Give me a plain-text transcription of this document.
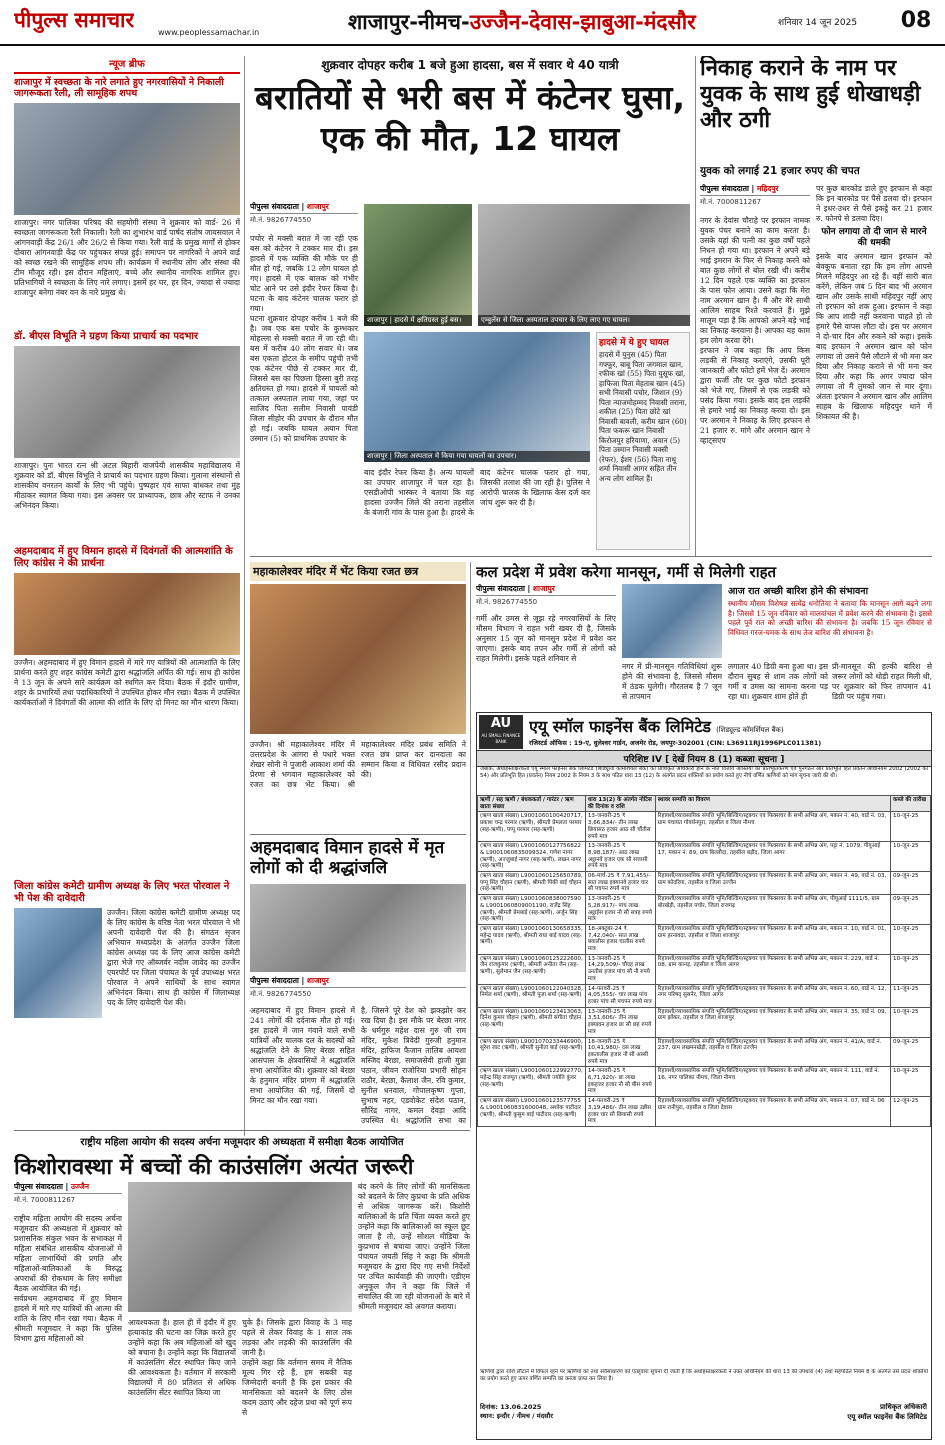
पीपुल्स समाचार
www.peoplessamachar.in	शाजापुर-नीमच-उज्जैन-देवास-झाबुआ-मंदसौर	शनिवार 14 जून 2025 08
न्यूज ब्रीफ
शाजापुर में स्वच्छता के नारे लगाते हुए नगरवासियों ने निकाली जागरूकता रैली, ली सामूहिक शपथ
शाजापुर। नगर पालिका परिषद की सहयोगी संस्था ने शुक्रवार को वार्ड- 26 में स्वच्छता जागरूकता रैली निकाली। रैली का शुभारंभ वार्ड पार्षद संतोष जायसवाल ने आंगनवाड़ी केंद्र 26/1 और 26/2 से किया गया। रैली वार्ड के प्रमुख मार्गों से होकर दोबारा आंगनवाड़ी केंद्र पर पहुंचकर संपन्न हुई। समापन पर नागरिकों ने अपने वार्ड को स्वच्छ रखने की सामूहिक शपथ ली। कार्यक्रम में स्थानीय लोग और संस्था की टीम मौजूद रही। इस दौरान महिलाएं, बच्चे और स्थानीय नागरिक शामिल हुए। प्रतिभागियों ने स्वच्छता के लिए नारे लगाए। इसमें हर घर, हर दिन, ज्यादा से ज्यादा शाजापुर बनेगा नंबर वन के नारे प्रमुख थे।
डॉ. बीएस विभूति ने ग्रहण किया प्राचार्य का पदभार
शाजापुर। पुनः भारत रत्न श्री अटल बिहारी वाजपेयी शासकीय महाविद्यालय में शुक्रवार को डॉ. बीएस विभूति ने प्राचार्य का पदभार ग्रहण किया। गुलाना संस्थानों से शासकीय वनरतन कार्यों के लिए भी पहुंचे। पुष्पहार एवं साफा बांधकर तथा मुंह मीठाकर स्वागत किया गया। इस अवसर पर प्राध्यापक, छात्र और स्टाफ ने उनका अभिनंदन किया।
अहमदाबाद में हुए विमान हादसे में दिवंगतों की आत्मशांति के लिए कांग्रेस ने की प्रार्थना
उज्जैन। अहमदाबाद में हुए विमान हादसे में मारे गए यात्रियों की आत्मशांति के लिए प्रार्थना करते हुए शहर कांग्रेस कमेटी द्वारा श्रद्धांजलि अर्पित की गई। साथ ही कांग्रेस ने 13 जून के अपने सारे कार्यक्रम को स्थगित कर दिया। बैठक में इंदौर ग्रामीण, शहर के प्रभारियों तथा पदाधिकारियों ने उपस्थित होकर मौन रखा। बैठक में उपस्थित कार्यकर्ताओं ने दिवंगतों की आत्मा की शांति के लिए दो मिनट का मौन धारण किया।
जिला कांग्रेस कमेटी ग्रामीण अध्यक्ष के लिए भरत पोरवाल ने भी पेश की दावेदारी
उज्जैन। जिला कांग्रेस कमेटी ग्रामीण अध्यक्ष पद के लिए कांग्रेस के वरिष्ठ नेता भरत पोरवाल ने भी अपनी दावेदारी पेश की है। संगठन सृजन अभियान मध्यप्रदेश के अंतर्गत उज्जैन जिला कांग्रेस अध्यक्ष पद के लिए आज कांग्रेस कमेटी द्वारा भेजे गए ऑब्जर्वर नदीम जावेद का उज्जैन एयरपोर्ट पर जिला पंचायत के पूर्व उपाध्यक्ष भरत पोरवाल ने अपने साथियों के साथ स्वागत अभिनंदन किया। साथ ही कांग्रेस में जिलाध्यक्ष पद के लिए दावेदारी पेश की।
शुक्रवार दोपहर करीब 1 बजे हुआ हादसा, बस में सवार थे 40 यात्री
बरातियों से भरी बस में कंटेनर घुसा, एक की मौत, 12 घायल
पीपुल्स संवाददाता | शाजापुर
मो.नं. 9826774550
पचोर से मक्सी बरात में जा रही एक बस को कंटेनर ने टक्कर मार दी। इस हादसे में एक व्यक्ति की मौके पर ही मौत हो गई, जबकि 12 लोग घायल हो गए। हादसे में एक बालक को गंभीर चोट आने पर उसे इंदौर रेफर किया है। घटना के बाद कंटेनर चालक फरार हो गया।
घटना शुक्रवार दोपहर करीब 1 बजे की है। जब एक बस पचोर के कुम्भकार मोहल्ला से मक्सी बरात में जा रही थी। बस में करीब 40 लोग सवार थे। जब बस एकता होटल के समीप पहुंची तभी एक कंटेनर पीछे से टक्कर मार दी, जिससे बस का पिछला हिस्सा बुरी तरह क्षतिग्रस्त हो गया। हादसे में घायलों को तत्काल अस्पताल लाया गया, जहां पर साजिद पिता सलीम निवासी पावंडी जिला सीहोर की उपचार के दौरान मौत हो गई। जबकि घायल अयान पिता उस्मान (5) को प्राथमिक उपचार के
शाजापुर | हादसे में क्षतिग्रस्त हुई बस।	एम्बुलेंस से जिला अस्पताल उपचार के लिए लाए गए घायल।
शाजापुर | जिला अस्पताल में किया गया घायलों का उपचार।
हादसे में ये हुए घायल
हादसे में युनुस (45) पिता गफ्फूर, बाबू पिता जगमाल खान, रफीक खां (55) पिता युसूफ खां, हाफिजा पिता मेहताब खान (45) सभी निवासी पचोर, जिशान (9) पिता न्याजमोहम्मद निवासी तराना, शकील (25) पिता छोटे खां निवासी बावली, करीम खान (60) पिता फकरू खान निवासी किरोजपुर हरियाणा, अयान (5) पिता उस्मान निवासी मक्सी (रेफर), ईशर (56) पिता नाथू शर्मा निवासी आगर सहित तीन अन्य लोग शामिल हैं।
बाद इंदौर रेफर किया है। अन्य घायलों का उपचार शाजापुर में चल रहा है। एसडीओपी भास्कर ने बताया कि यह हादसा उज्जैन जिले की तराना तहसील के बंजारी गांव के पास हुआ है। हादसे के बाद कंटेनर चालक फरार हो गया, जिसकी तलाश की जा रही है। पुलिस ने आरोपी चालक के खिलाफ केस दर्ज कर जांच शुरू कर दी है।
निकाह कराने के नाम पर युवक के साथ हुई धोखाधड़ी और ठगी
युवक को लगाई 21 हजार रुपए की चपत
पीपुल्स संवाददाता | महिदपुर
मो.नं. 7000811267
नगर के देवांस चौराहे पर इरफान नामक युवक पंचर बनाने का काम करता है। उसके यहां की पत्नी का कुछ वर्षों पहले निधन हो गया था। इरफान ने अपने बड़े भाई इमरान के फिर से निकाह करने को बात कुछ लोगों से बोल रखी थी। करीब 12 दिन पहले एक व्यक्ति का इरफान के पास फोन आया। उसने कहा कि मेरा नाम अरमान खान है। मैं और मेरे साथी आलिम साहब रिश्ते करवाते हैं। मुझे मालूम पड़ा है कि आपको अपने बड़े भाई का निकाह करवाना है। आपका यह काम हम लोग करवा देंगे।
इरफान ने जब कहा कि आप किस लड़की से निकाह कराएंगे, उसकी पूरी जानकारी और फोटो हमें भेज दें। अरमान द्वारा फर्जी तौर पर कुछ फोटो इरफान को भेजे गए, जिसमें से एक लड़की को पसंद किया गया। इसके बाद इस लड़की से हमारे भाई का निकाह करवा दो। इस पर अरमान ने निकाह के लिए इरफान से 21 हजार रु. मांगे और अरमान खान ने व्हाट्सएप
पर कुछ बारकोड डाले हुए इरफान से कहा कि इन बारकोड पर पैसे डलवा दो। इरफान ने इधर-उधर से पैसे इकट्ठे कर 21 हजार रु. फोनपे से डलवा दिए।
फोन लगाया तो दी जान से मारने की धमकी
इसके बाद अरमान खान इरफान को बेवकूफ बनाता रहा कि हम लोग आपसे मिलने महिदपुर आ रहे हैं। वहीं सारी बात करेंगे, लेकिन जब 5 दिन बाद भी अरमान खान और उसके साथी महिदपुर नहीं आए तो इरफान को शक हुआ। इरफान ने कहा कि आप शादी नहीं करवाना चाहते हो तो हमारे पैसे वापस लौटा दो। इस पर अरमान ने दो-चार दिन और रुकने को कहा। इसके बाद इरफान ने अरमान खान को फोन लगाया तो उसने पैसे लौटाने से भी मना कर दिया और निकाह कराने से भी मना कर दिया और कहा कि अगर ज्यादा फोन लगाया तो मैं तुमको जान से मार दूंगा। अंततः इरफान ने अरमान खान और आलिम साहब के खिलाफ महिदपुर थाने में शिकायत की है।
महाकालेश्वर मंदिर में भेंट किया रजत छत्र
उज्जैन। श्री महाकालेश्वर मंदिर में उत्तरप्रदेश के आगरा से पधारे भक्त शेखर सोनी ने पुजारी आकाश शर्मा की प्रेरणा से भगवान महाकालेश्वर को रजत का छत्र भेंट किया। श्री महाकालेश्वर मंदिर प्रबंध समिति ने रजत छत्र प्राप्त कर दानदाता का सम्मान किया व विधिवत रसीद प्रदान की।
अहमदाबाद विमान हादसे में मृत लोगों को दी श्रद्धांजलि
पीपुल्स संवाददाता | शाजापुर
मो.नं. 9826774550
अहमदाबाद में हुए विमान हादसे में 241 लोगों की दर्दनाक मौत हो गई। इस हादसे में जान गंवाने वाले सभी यात्रियों और चालक दल के सदस्यों को श्रद्धांजलि देने के लिए बेरछा सहित आसपास के क्षेत्रवासियों ने श्रद्धांजलि सभा आयोजित की। शुक्रवार को बेरछा के हनुमान मंदिर प्रांगण में श्रद्धांजलि सभा आयोजित की गई, जिसमें दो मिनट का मौन रखा गया।
है, जिसने पूरे देश को झकझोर कर रख दिया है। इस मौके पर बेरछा नगर के धर्मगुरु महेश दास गुरु जी राम मंदिर, मुकेश त्रिवेदी गुरुजी हनुमान मंदिर, हाफिज फैजान तालिब आयशा मस्जिद बेरछा, समाजसेवी हाजी मुन्ना पठान, जीवन राजोरिया प्रभारी सोहन राठौर, बेरछा, कैलाश जैन, रवि कुमार, सुनील धनवाल, गोपालकृष्ण गुप्ता, सुभाष नहर, एडवोकेट संदेश पठान, सौरिंद्र नागर, कमल देवड़ा आदि उपस्थित थे। श्रद्धांजलि सभा का
कल प्रदेश में प्रवेश करेगा मानसून, गर्मी से मिलेगी राहत
पीपुल्स संवाददाता | शाजापुर
मो.नं. 9826774550
गर्मी और उमस से जूझ रहे नगरवासियों के लिए मौसम विभाग ने राहत भरी खबर दी है, जिसके अनुसार 15 जून को मानसून प्रदेश में प्रवेश कर जाएगा। इसके बाद तपन और गर्मी से लोगों को राहत मिलेगी। इसके पहले शनिवार से
आज रात अच्छी बारिश होने की संभावना
स्थानीय मौसम विशेषज्ञ सत्येंद्र धनोतिया ने बताया कि मानसून आगे बढ़ने लगा है। जिससे 15 जून रविवार को मालवांचल में प्रवेश करने की संभावना है। इससे पहले पूर्व रात को अच्छी बारिश की संभावना है। जबकि 15 जून रविवार से विधिवत गरज-चमक के साथ तेज बारिश की संभावना है।
नगर में प्री-मानसून गतिविधियां शुरू होने की संभावना है, जिससे मौसम में ठंडक घुलेगी। गौरतलब है 7 जून से तापमान
लगातार 40 डिग्री बना हुआ था। इस दौरान सुबह से शाम तक लोगों को गर्मी व उमस का सामना करना पड़ रहा था। शुक्रवार शाम होते ही
प्री-मानसून की हल्की बारिश से जरूर लोगों को थोड़ी राहत मिली थी, पर शुक्रवार को फिर तापमान 41 डिग्री पर पहुंच गया।
AU
AU SMALL FINANCE BANK
एयू स्मॉल फाइनेंस बैंक लिमिटेड (शिड्यूल्ड कॉमर्शियल बैंक)
रजिस्टर्ड ऑफिस : 19-ए, धुलेश्वर गार्डन, अजमेर रोड, जयपुर-302001 (CIN: L36911RJ1996PLC011381)
परिशिष्ट IV [ देखें नियम 8 (1) कब्जा सूचना ]
जबकि, अधोहस्ताक्षरकर्ता एयू स्मॉल फाइनेंस बैंक लिमिटेड (शिड्यूल्ड कॉमर्शियल बैंक) का प्राधिकृत अधिकारी होने के नाते वित्तीय आस्तियों का प्रतिभूतिकरण एवं पुनर्गठन और प्रतिभूति हित प्रवर्तन अधिनियम 2002 (2002 का 54) और प्रतिभूति हित (प्रवर्तन) नियम 2002 के नियम 3 के साथ पठित धारा 13 (12) के अंतर्गत प्रदत्त शक्तियों का प्रयोग करते हुए नीचे वर्णित ऋणियों को मांग सूचना जारी की थी।
ऋणी / सह ऋणी / बंधककर्ता / गारंटर / ऋण खाता संख्या	धारा 13(2) के अंतर्गत नोटिस की दिनांक व राशि	स्थावर सम्पत्ति का विवरण	कब्जे की तारीख
(ऋण खाता संख्या) L9001060100420717, प्रकाश चन्द्र परमार (ऋणी), श्रीमती प्रेमलता परमार (सह-ऋणी), पप्पू परमार (सह-ऋणी)	13-जनवरी-25 ₹ 3,66,834/- तीन लाख छियासठ हजार आठ सौ चौंतीस रुपये मात्र	रिहायशी/व्यावसायिक संपत्ति भूमि/बिल्डिंग/स्ट्रक्चर एवं फिक्सचर के सभी अभिन्न अंग, मकान नं. 40, वार्ड नं. 03, ग्राम पंचायत गोवर्धनपुरा, तहसील व जिला नीमच	10-जून-25
(ऋण खाता संख्या) L9001060127756822 & L9001060835099324, गणेश नागर (ऋणी), अज्जुबाई नागर (सह-ऋणी), लखन नागर (सह-ऋणी)	13-जनवरी-25 ₹ 8,98,187/- आठ लाख अट्ठानवे हजार एक सौ सत्तासी रुपये मात्र	रिहायशी/व्यावसायिक संपत्ति भूमि/बिल्डिंग/स्ट्रक्चर एवं फिक्सचर के सभी अभिन्न अंग, पट्टा नं. 1079, पीयूआई 17, मकान नं. 89, ग्राम बिल्लौदा, तहसील बड़ौद, जिला आगर	10-जून-25
(ऋण खाता संख्या) L9001060125650789, पप्पू सिंह चौहान (ऋणी), श्रीमती पिंकी बाई चौहान (सह-ऋणी)	06-मार्च-25 ₹ 7,91,455/- सात लाख इक्यानवे हजार चार सौ पचपन रुपये मात्र	रिहायशी/व्यावसायिक संपत्ति भूमि/बिल्डिंग/स्ट्रक्चर एवं फिक्सचर के सभी अभिन्न अंग, मकान नं. 49, वार्ड नं. 03, ग्राम कोदरिया, तहसील व जिला उज्जैन	09-जून-25
(ऋण खाता संख्या) L9001060838007590 & L9001060809001190, राजेंद्र सिंह (ऋणी), श्रीमती प्रेमबाई (सह-ऋणी), अर्जुन सिंह (सह-ऋणी)	13-जनवरी-25 ₹ 5,28,917/- पांच लाख अट्ठाईस हजार नौ सौ सत्रह रुपये मात्र	रिहायशी/व्यावसायिक संपत्ति भूमि/बिल्डिंग/स्ट्रक्चर एवं फिक्सचर के सभी अभिन्न अंग, पीयूआई 1111/5, ग्राम बोरखेड़ी, तहसील पचोर, जिला राजगढ़	09-जून-25
(ऋण खाता संख्या) L9001060130658335, महेन्द्र यादव (ऋणी), श्रीमती राधा बाई यादव (सह-ऋणी)	18-अक्टूबर-24 ₹ 7,42,040/- सात लाख बयालीस हजार चालीस रुपये मात्र	रिहायशी/व्यावसायिक संपत्ति भूमि/बिल्डिंग/स्ट्रक्चर एवं फिक्सचर के सभी अभिन्न अंग, मकान नं. 10, वार्ड नं. 01, ग्राम हरनावदा, तहसील व जिला शाजापुर	10-जून-25
(ऋण खाता संख्या) L9001060125222600, जैन राजकुमार (ऋणी), श्रीमती अनीता जैन (सह-ऋणी), सुलेमान जैन (सह-ऋणी)	13-जनवरी-25 ₹ 14,29,509/- चौदह लाख उनतीस हजार पांच सौ नौ रुपये मात्र	रिहायशी/व्यावसायिक संपत्ति भूमि/बिल्डिंग/स्ट्रक्चर एवं फिक्सचर के सभी अभिन्न अंग, मकान नं. 229, वार्ड नं. 08, ग्राम कानड़, तहसील व जिला आगर	10-जून-25
(ऋण खाता संख्या) L9001060122040328, निर्मल शर्मा (ऋणी), श्रीमती पूजा शर्मा (सह-ऋणी)	14-फरवरी-25 ₹ 4,05,555/- चार लाख पांच हजार पांच सौ पचपन रुपये मात्र	रिहायशी/व्यावसायिक संपत्ति भूमि/बिल्डिंग/स्ट्रक्चर एवं फिक्सचर के सभी अभिन्न अंग, मकान नं. 60, वार्ड नं. 12, नगर परिषद् सुसनेर, जिला आगर	11-जून-25
(ऋण खाता संख्या) L9001060123413063, दिनेश कुमार चौहान (ऋणी), श्रीमती संगीता चौहान (सह-ऋणी)	13-जनवरी-25 ₹ 3,51,606/- तीन लाख इक्यावन हजार छः सौ छह रुपये मात्र	रिहायशी/व्यावसायिक संपत्ति भूमि/बिल्डिंग/स्ट्रक्चर एवं फिक्सचर के सभी अभिन्न अंग, मकान नं. 35, वार्ड नं. 09, ग्राम झोंकर, तहसील व जिला शाजापुर	10-जून-25
(ऋण खाता संख्या) L9001070233446900, सुरेश जाट (ऋणी), श्रीमती सुनीता बाई (सह-ऋणी)	18-जनवरी-25 ₹ 10,41,980/- दस लाख इकतालीस हजार नौ सौ अस्सी रुपये मात्र	रिहायशी/व्यावसायिक संपत्ति भूमि/बिल्डिंग/स्ट्रक्चर एवं फिक्सचर के सभी अभिन्न अंग, मकान नं. 41/A, वार्ड नं. 237, ग्राम लखमनखेड़ी, तहसील व जिला उज्जैन	09-जून-25
(ऋण खाता संख्या) L9001060122992770, महेन्द्र सिंह राजपूत (ऋणी), श्रीमती ज्योति कुंवर (सह-ऋणी)	14-जनवरी-25 ₹ 6,71,920/- छः लाख इकहत्तर हजार नौ सौ बीस रुपये मात्र	रिहायशी/व्यावसायिक संपत्ति भूमि/बिल्डिंग/स्ट्रक्चर एवं फिक्सचर के सभी अभिन्न अंग, मकान नं. 111, वार्ड नं. 16, नगर पालिका नीमच, जिला नीमच	10-जून-25
(ऋण खाता संख्या) L9001060123577755 & L9001060831600048, अशोक पाटीदार (ऋणी), श्रीमती कुसुम बाई पाटीदार (सह-ऋणी)	14-फरवरी-25 ₹ 3,19,486/- तीन लाख उन्नीस हजार चार सौ छियासी रुपये मात्र	रिहायशी/व्यावसायिक संपत्ति भूमि/बिल्डिंग/स्ट्रक्चर एवं फिक्सचर के सभी अभिन्न अंग, मकान नं. 07, वार्ड नं. 06 ग्राम रानीपुरा, तहसील व जिला देवास	12-जून-25
ऋणियों द्वारा राशि लौटाने में विफल रहने पर ऋणियों को तथा सर्वसाधारण को एतद्द्वारा सूचना दी जाती है कि अधोहस्ताक्षरकर्ता ने उक्त अधिनियम की धारा 13 की उपधारा (4) तथा सहपठित नियम 8 के अंतर्गत उसे प्रदत्त शक्तियों का प्रयोग करते हुए ऊपर वर्णित सम्पत्ति का कब्जा प्राप्त कर लिया है।
दिनांक: 13.06.2025
स्थान: इन्दौर / नीमच / मंदसौर
प्राधिकृत अधिकारी
एयू स्मॉल फाइनेंस बैंक लिमिटेड
राष्ट्रीय महिला आयोग की सदस्य अर्चना मजूमदार की अध्यक्षता में समीक्षा बैठक आयोजित
किशोरावस्था में बच्चों की काउंसलिंग अत्यंत जरूरी
पीपुल्स संवाददाता | उज्जैन
मो.नं. 7000811267
राष्ट्रीय महिला आयोग की सदस्य अर्चना मजूमदार की अध्यक्षता में शुक्रवार को प्रशासनिक संकुल भवन के सभाकक्ष में महिला संबंधित शासकीय योजनाओं में महिला लाभार्थियों की प्रगति और महिलाओं-बालिकाओं के विरुद्ध अपराधों की रोकथाम के लिए समीक्षा बैठक आयोजित की गई।
सर्वप्रथम अहमदाबाद में हुए विमान हादसे में मारे गए यात्रियों की आत्मा की शांति के लिए मौन रखा गया। बैठक में श्रीमती मजूमदार ने कहा कि पुलिस विभाग द्वारा महिलाओं को
आवश्यकता है। हाल ही में इंदौर में हुए हत्याकांड की घटना का जिक्र करते हुए उन्होंने कहा कि अब महिलाओं को खुद को बचाना है। उन्होंने कहा कि विद्यालयों में काउंसलिंग सेंटर स्थापित किए जाने की आवश्यकता है। वर्तमान में सरकारी विद्यालयों में 80 प्रतिशत से अधिक काउंसलिंग सेंटर स्थापित किया जा
चुके हैं। जिसके द्वारा विवाह के 3 माह पहले से लेकर विवाह के 1 साल तक लड़का और लड़की की काउंसलिंग की जानी है।
उन्होंने कहा कि वर्तमान समय में नैतिक मूल्य गिर रहे हैं, हम सबकी यह जिम्मेदारी बनती है कि इस प्रकार की मानसिकता को बदलने के लिए ठोस कदम उठाएं और दहेज प्रथा को पूर्ण रूप से
बंद करने के लिए लोगों की मानसिकता को बदलने के लिए कुप्रथा के प्रति अधिक से अधिक जागरूक करें। किशोरी बालिकाओं के प्रति चिंता व्यक्त करते हुए उन्होंने कहा कि बालिकाओं का स्कूल छूट जाता है तो, उन्हें सोशल मीडिया के कुप्रभाव से बचाया जाए। उन्होंने जिला पंचायत जयती सिंह ने कहा कि श्रीमती मजूमदार के द्वारा दिए गए सभी निर्देशों पर उचित कार्यवाही की जाएगी। एडीएम अनुकूल जैन ने कहा कि जिले में संचालित की जा रही योजनाओं के बारे में श्रीमती मजूमदार को अवगत कराया।
